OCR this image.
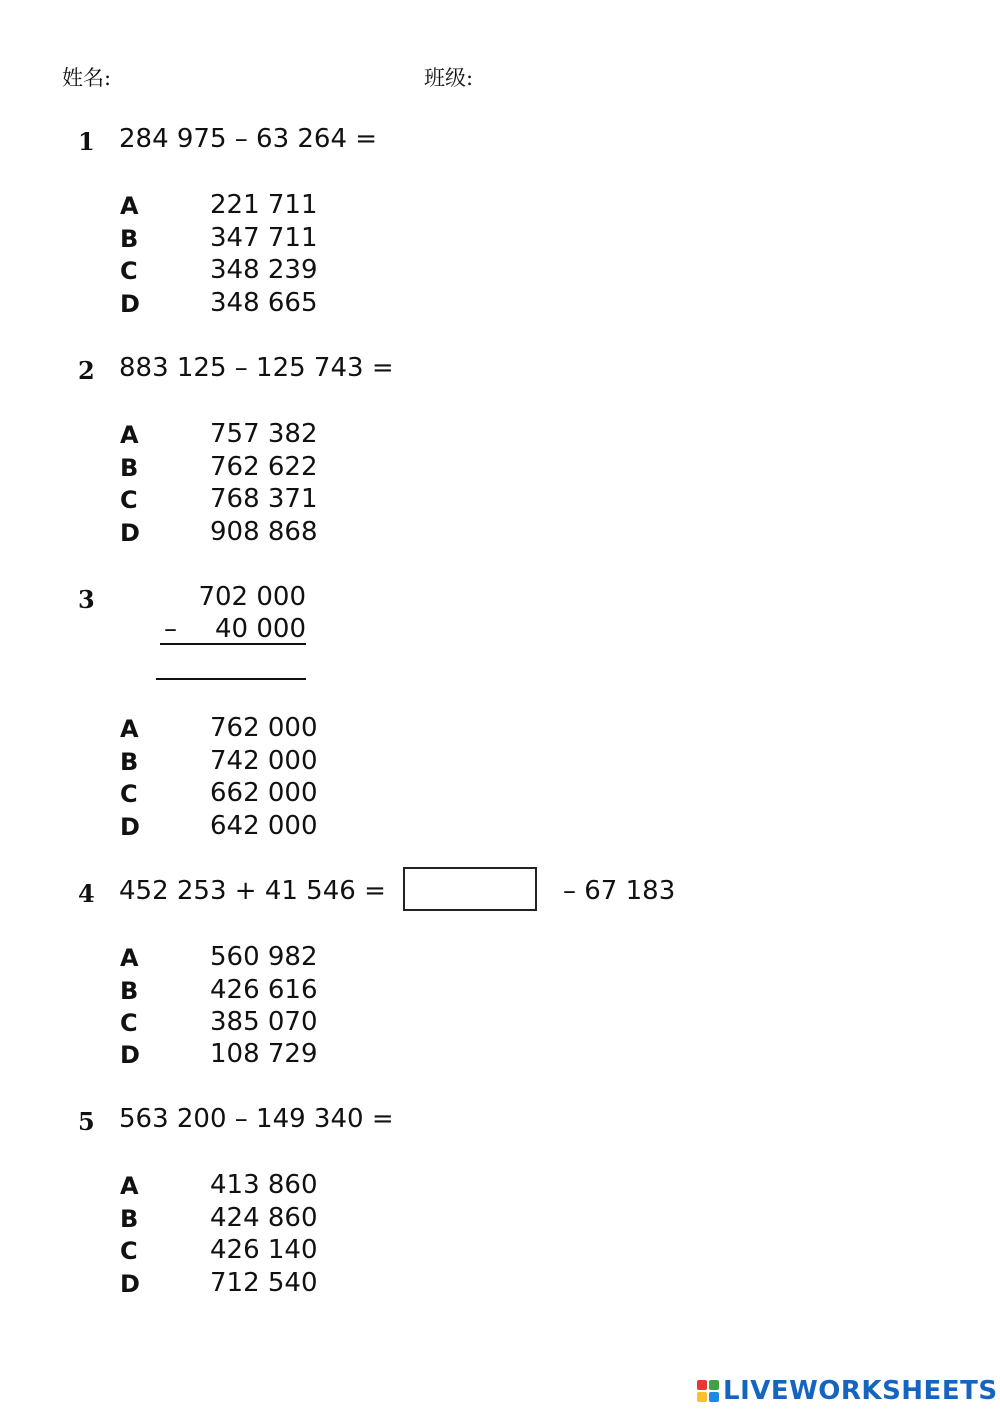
姓名:	班级:
1 284 975 – 63 264 =
A	221 711
B	347 711
C	348 239
D	348 665
2 883 125 – 125 743 =
A	757 382
B	762 622
C	768 371
D	908 868
3	702 000
–	40 000
A	762 000
B	742 000
C	662 000
D	642 000
4 452 253 + 41 546 =	– 67 183
A	560 982
B	426 616
C	385 070
D	108 729
5 563 200 – 149 340 =
A	413 860
B	424 860
C	426 140
D	712 540
LIVEWORKSHEETS
